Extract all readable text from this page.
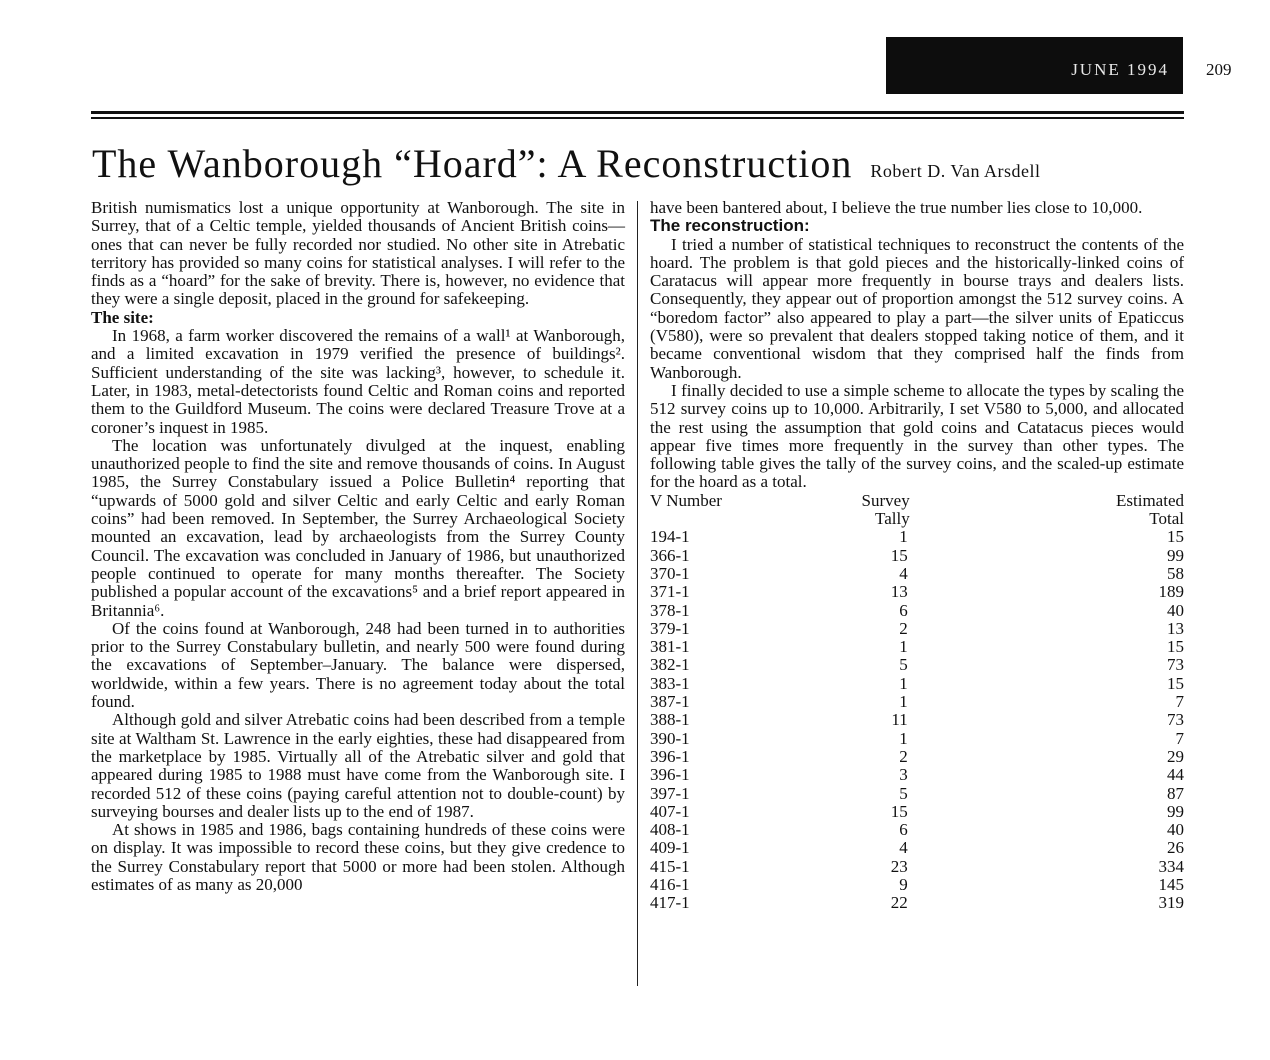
JUNE 1994 209
The Wanborough “Hoard”: A Reconstruction Robert D. Van Arsdell

British numismatics lost a unique opportunity at Wanborough. The site in Surrey, that of a Celtic temple, yielded thousands of Ancient British coins—ones that can never be fully recorded nor studied. No other site in Atrebatic territory has provided so many coins for statistical analyses. I will refer to the finds as a “hoard” for the sake of brevity. There is, however, no evidence that they were a single deposit, placed in the ground for safekeeping.

The site:

In 1968, a farm worker discovered the remains of a wall¹ at Wanborough, and a limited excavation in 1979 verified the presence of buildings². Sufficient understanding of the site was lacking³, however, to schedule it. Later, in 1983, metal-detectorists found Celtic and Roman coins and reported them to the Guildford Museum. The coins were declared Treasure Trove at a coroner’s inquest in 1985.

The location was unfortunately divulged at the inquest, enabling unauthorized people to find the site and remove thousands of coins. In August 1985, the Surrey Constabulary issued a Police Bulletin⁴ reporting that “upwards of 5000 gold and silver Celtic and early Celtic and early Roman coins” had been removed. In September, the Surrey Archaeological Society mounted an excavation, lead by archaeologists from the Surrey County Council. The excavation was concluded in January of 1986, but unauthorized people continued to operate for many months thereafter. The Society published a popular account of the excavations⁵ and a brief report appeared in Britannia⁶.

Of the coins found at Wanborough, 248 had been turned in to authorities prior to the Surrey Constabulary bulletin, and nearly 500 were found during the excavations of September–January. The balance were dispersed, worldwide, within a few years. There is no agreement today about the total found.

Although gold and silver Atrebatic coins had been described from a temple site at Waltham St. Lawrence in the early eighties, these had disappeared from the marketplace by 1985. Virtually all of the Atrebatic silver and gold that appeared during 1985 to 1988 must have come from the Wanborough site. I recorded 512 of these coins (paying careful attention not to double-count) by surveying bourses and dealer lists up to the end of 1987.

At shows in 1985 and 1986, bags containing hundreds of these coins were on display. It was impossible to record these coins, but they give credence to the Surrey Constabulary report that 5000 or more had been stolen. Although estimates of as many as 20,000

have been bantered about, I believe the true number lies close to 10,000.

The reconstruction:

I tried a number of statistical techniques to reconstruct the contents of the hoard. The problem is that gold pieces and the historically-linked coins of Caratacus will appear more frequently in bourse trays and dealers lists. Consequently, they appear out of proportion amongst the 512 survey coins. A “boredom factor” also appeared to play a part—the silver units of Epaticcus (V580), were so prevalent that dealers stopped taking notice of them, and it became conventional wisdom that they comprised half the finds from Wanborough.

I finally decided to use a simple scheme to allocate the types by scaling the 512 survey coins up to 10,000. Arbitrarily, I set V580 to 5,000, and allocated the rest using the assumption that gold coins and Catatacus pieces would appear five times more frequently in the survey than other types. The following table gives the tally of the survey coins, and the scaled-up estimate for the hoard as a total.

V Number	Survey	Estimated
	Tally	Total
194-1	1	15
366-1	15	99
370-1	4	58
371-1	13	189
378-1	6	40
379-1	2	13
381-1	1	15
382-1	5	73
383-1	1	15
387-1	1	7
388-1	11	73
390-1	1	7
396-1	2	29
396-1	3	44
397-1	5	87
407-1	15	99
408-1	6	40
409-1	4	26
415-1	23	334
416-1	9	145
417-1	22	319
